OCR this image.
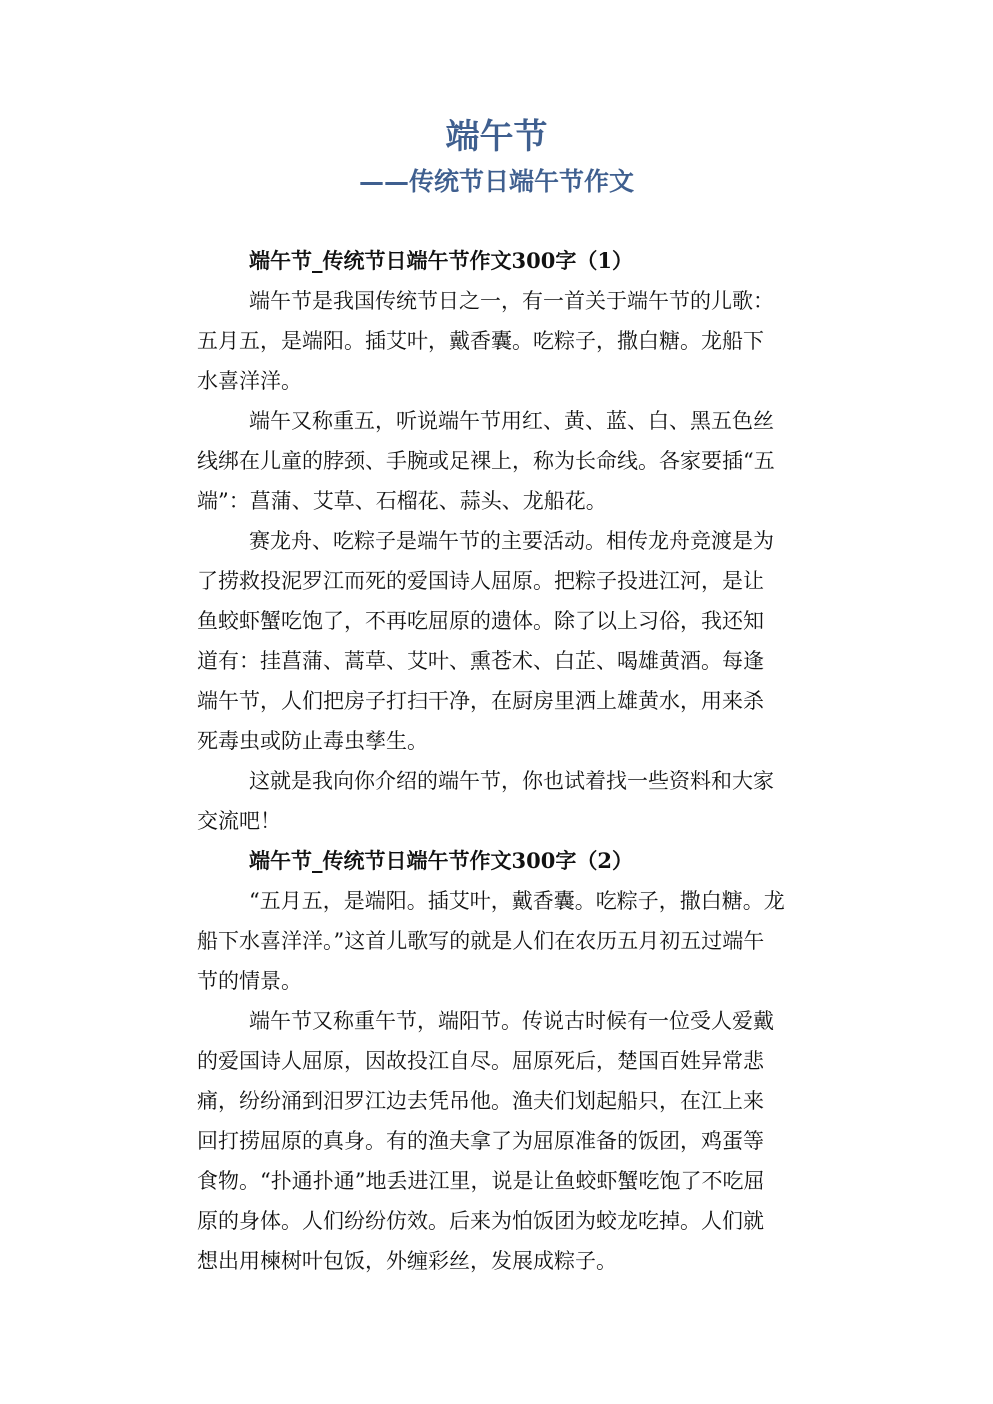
端午节
——传统节日端午节作文
端午节_传统节日端午节作文300字（1）
端午节是我国传统节日之一，有一首关于端午节的儿歌：
五月五，是端阳。插艾叶，戴香囊。吃粽子，撒白糖。龙船下
水喜洋洋。
端午又称重五，听说端午节用红、黄、蓝、白、黑五色丝
线绑在儿童的脖颈、手腕或足裸上，称为长命线。各家要插“五
端”：菖蒲、艾草、石榴花、蒜头、龙船花。
赛龙舟、吃粽子是端午节的主要活动。相传龙舟竞渡是为
了捞救投泥罗江而死的爱国诗人屈原。把粽子投进江河，是让
鱼蛟虾蟹吃饱了，不再吃屈原的遗体。除了以上习俗，我还知
道有：挂菖蒲、蒿草、艾叶、熏苍术、白芷、喝雄黄酒。每逢
端午节，人们把房子打扫干净，在厨房里洒上雄黄水，用来杀
死毒虫或防止毒虫孳生。
这就是我向你介绍的端午节，你也试着找一些资料和大家
交流吧！
端午节_传统节日端午节作文300字（2）
“五月五，是端阳。插艾叶，戴香囊。吃粽子，撒白糖。龙
船下水喜洋洋。”这首儿歌写的就是人们在农历五月初五过端午
节的情景。
端午节又称重午节，端阳节。传说古时候有一位受人爱戴
的爱国诗人屈原，因故投江自尽。屈原死后，楚国百姓异常悲
痛，纷纷涌到汨罗江边去凭吊他。渔夫们划起船只，在江上来
回打捞屈原的真身。有的渔夫拿了为屈原准备的饭团，鸡蛋等
食物。“扑通扑通”地丢进江里，说是让鱼蛟虾蟹吃饱了不吃屈
原的身体。人们纷纷仿效。后来为怕饭团为蛟龙吃掉。人们就
想出用楝树叶包饭，外缠彩丝，发展成粽子。
